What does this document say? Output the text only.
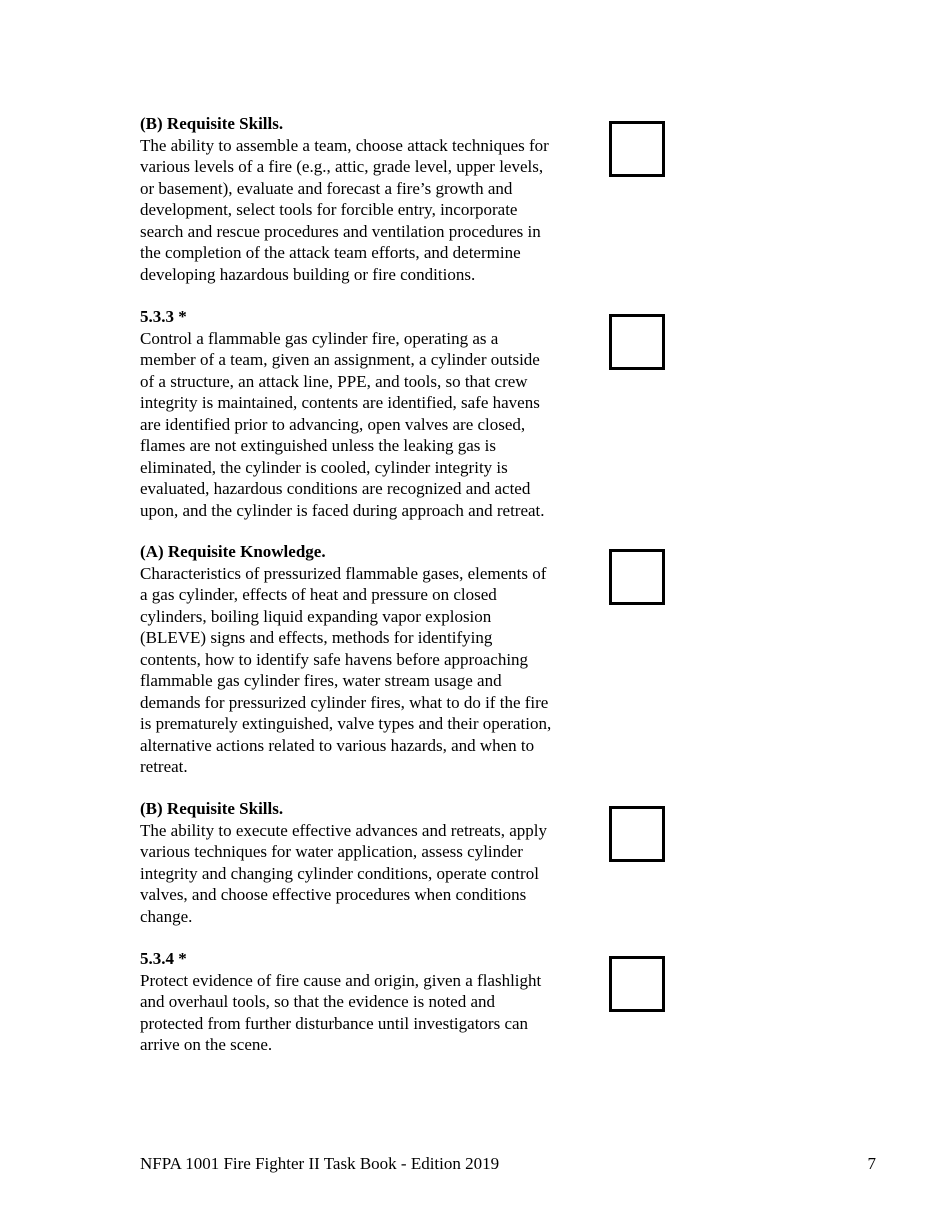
(B) Requisite Skills.

The ability to assemble a team, choose attack techniques for
various levels of a fire (e.g., attic, grade level, upper levels,
or basement), evaluate and forecast a fire’s growth and
development, select tools for forcible entry, incorporate
search and rescue procedures and ventilation procedures in
the completion of the attack team efforts, and determine
developing hazardous building or fire conditions.

5.3.3 *

Control a flammable gas cylinder fire, operating as a
member of a team, given an assignment, a cylinder outside
of a structure, an attack line, PPE, and tools, so that crew
integrity is maintained, contents are identified, safe havens
are identified prior to advancing, open valves are closed,
flames are not extinguished unless the leaking gas is
eliminated, the cylinder is cooled, cylinder integrity is
evaluated, hazardous conditions are recognized and acted
upon, and the cylinder is faced during approach and retreat.

(A) Requisite Knowledge.

Characteristics of pressurized flammable gases, elements of
a gas cylinder, effects of heat and pressure on closed
cylinders, boiling liquid expanding vapor explosion
(BLEVE) signs and effects, methods for identifying
contents, how to identify safe havens before approaching
flammable gas cylinder fires, water stream usage and
demands for pressurized cylinder fires, what to do if the fire
is prematurely extinguished, valve types and their operation,
alternative actions related to various hazards, and when to
retreat.

(B) Requisite Skills.

The ability to execute effective advances and retreats, apply
various techniques for water application, assess cylinder
integrity and changing cylinder conditions, operate control
valves, and choose effective procedures when conditions
change.

5.3.4 *

Protect evidence of fire cause and origin, given a flashlight
and overhaul tools, so that the evidence is noted and
protected from further disturbance until investigators can
arrive on the scene.
NFPA 1001 Fire Fighter II Task Book - Edition 2019	7
